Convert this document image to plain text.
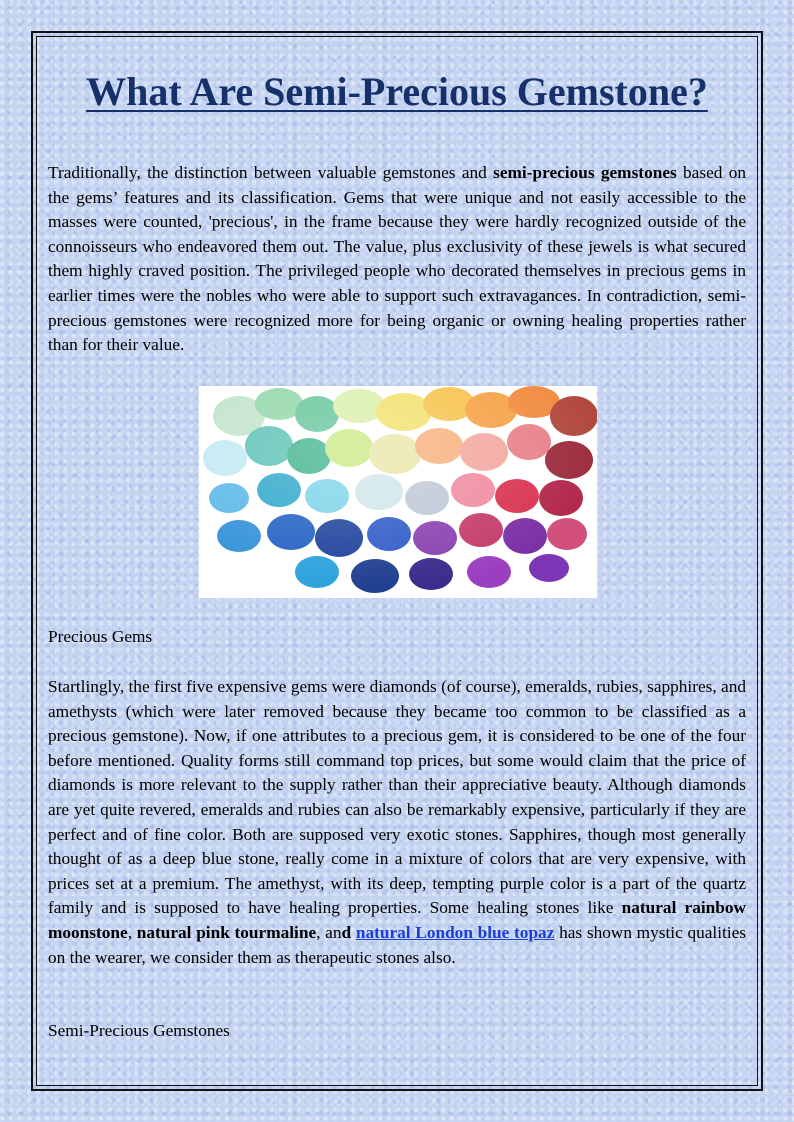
What Are Semi-Precious Gemstone?

Traditionally, the distinction between valuable gemstones and semi-precious gemstones based on the gems’ features and its classification. Gems that were unique and not easily accessible to the masses were counted, 'precious', in the frame because they were hardly recognized outside of the connoisseurs who endeavored them out. The value, plus exclusivity of these jewels is what secured them highly craved position. The privileged people who decorated themselves in precious gems in earlier times were the nobles who were able to support such extravagances. In contradiction, semi-precious gemstones were recognized more for being organic or owning healing properties rather than for their value.

Precious Gems

Startlingly, the first five expensive gems were diamonds (of course), emeralds, rubies, sapphires, and amethysts (which were later removed because they became too common to be classified as a precious gemstone). Now, if one attributes to a precious gem, it is considered to be one of the four before mentioned. Quality forms still command top prices, but some would claim that the price of diamonds is more relevant to the supply rather than their appreciative beauty. Although diamonds are yet quite revered, emeralds and rubies can also be remarkably expensive, particularly if they are perfect and of fine color. Both are supposed very exotic stones. Sapphires, though most generally thought of as a deep blue stone, really come in a mixture of colors that are very expensive, with prices set at a premium. The amethyst, with its deep, tempting purple color is a part of the quartz family and is supposed to have healing properties. Some healing stones like natural rainbow moonstone, natural pink tourmaline, and natural London blue topaz has shown mystic qualities on the wearer, we consider them as therapeutic stones also.

Semi-Precious Gemstones
